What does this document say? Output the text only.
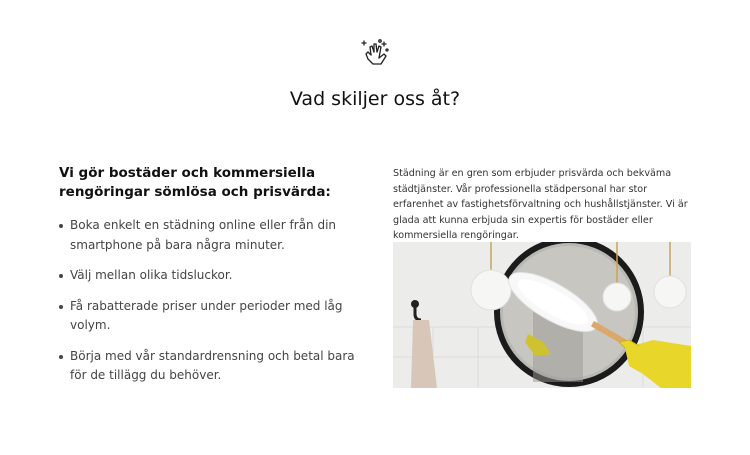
Vad skiljer oss åt?
Vi gör bostäder och kommersiella rengöringar sömlösa och prisvärda:
Boka enkelt en städning online eller från din smartphone på bara några minuter.
Välj mellan olika tidsluckor.
Få rabatterade priser under perioder med låg volym.
Börja med vår standardrensning och betal bara för de tillägg du behöver.

Städning är en gren som erbjuder prisvärda och bekväma städtjänster. Vår professionella städpersonal har stor erfarenhet av fastighetsförvaltning och hushållstjänster. Vi är glada att kunna erbjuda sin expertis för bostäder eller kommersiella rengöringar.
